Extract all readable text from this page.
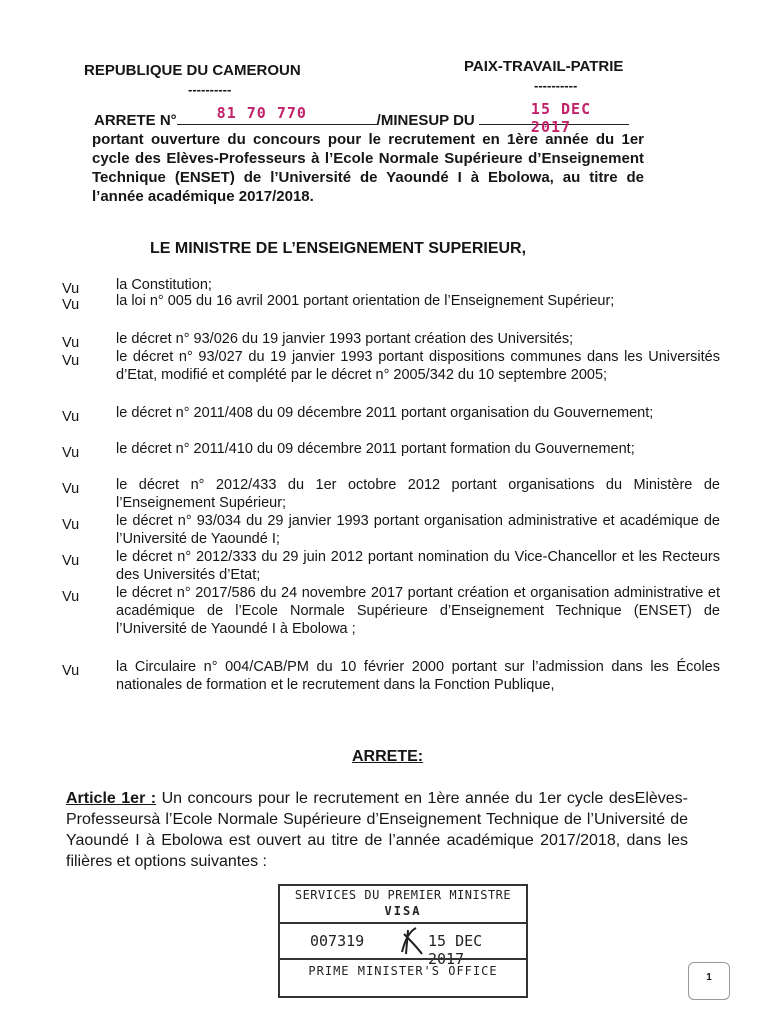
REPUBLIQUE DU CAMEROUN
----------
PAIX-TRAVAIL-PATRIE
----------
ARRETE N°	81 70 770	/MINESUP DU
15 DEC 2017
portant ouverture du concours pour le recrutement en 1ère année du 1er cycle des Elèves-Professeurs à l’Ecole Normale Supérieure d’Enseignement Technique (ENSET) de l’Université de Yaoundé I à Ebolowa, au titre de l’année académique 2017/2018.
LE MINISTRE DE L’ENSEIGNEMENT SUPERIEUR,
Vu	la Constitution;
Vu	la loi n° 005 du 16 avril 2001 portant orientation de l’Enseignement Supérieur;
Vu	le décret n° 93/026 du 19 janvier 1993 portant création des Universités;
Vu	le décret n° 93/027 du 19 janvier 1993 portant dispositions communes dans les Universités d’Etat, modifié et complété par le décret n° 2005/342 du 10 septembre 2005;
Vu	le décret n° 2011/408 du 09 décembre 2011 portant organisation du Gouvernement;
Vu	le décret n° 2011/410 du 09 décembre 2011 portant formation du Gouvernement;
Vu	le décret n° 2012/433 du 1er octobre 2012 portant organisations du Ministère de l’Enseignement Supérieur;
Vu	le décret n° 93/034 du 29 janvier 1993 portant organisation administrative et académique de l’Université de Yaoundé I;
Vu	le décret n° 2012/333 du 29 juin 2012 portant nomination du Vice-Chancellor et les Recteurs des Universités d’Etat;
Vu	le décret n° 2017/586 du 24 novembre 2017 portant création et organisation administrative et académique de l’Ecole Normale Supérieure d’Enseignement Technique (ENSET) de l’Université de Yaoundé I à Ebolowa ;
Vu	la Circulaire n° 004/CAB/PM du 10 février 2000 portant sur l’admission dans les Écoles nationales de formation et le recrutement dans la Fonction Publique,
ARRETE:
Article 1er : Un concours pour le recrutement en 1ère année du 1er cycle desElèves-Professeursà l’Ecole Normale Supérieure d’Enseignement Technique de l’Université de Yaoundé I à Ebolowa est ouvert au titre de l’année académique 2017/2018, dans les filières et options suivantes :
SERVICES DU PREMIER MINISTRE
VISA
007319	15 DEC 2017
PRIME MINISTER'S OFFICE	1
